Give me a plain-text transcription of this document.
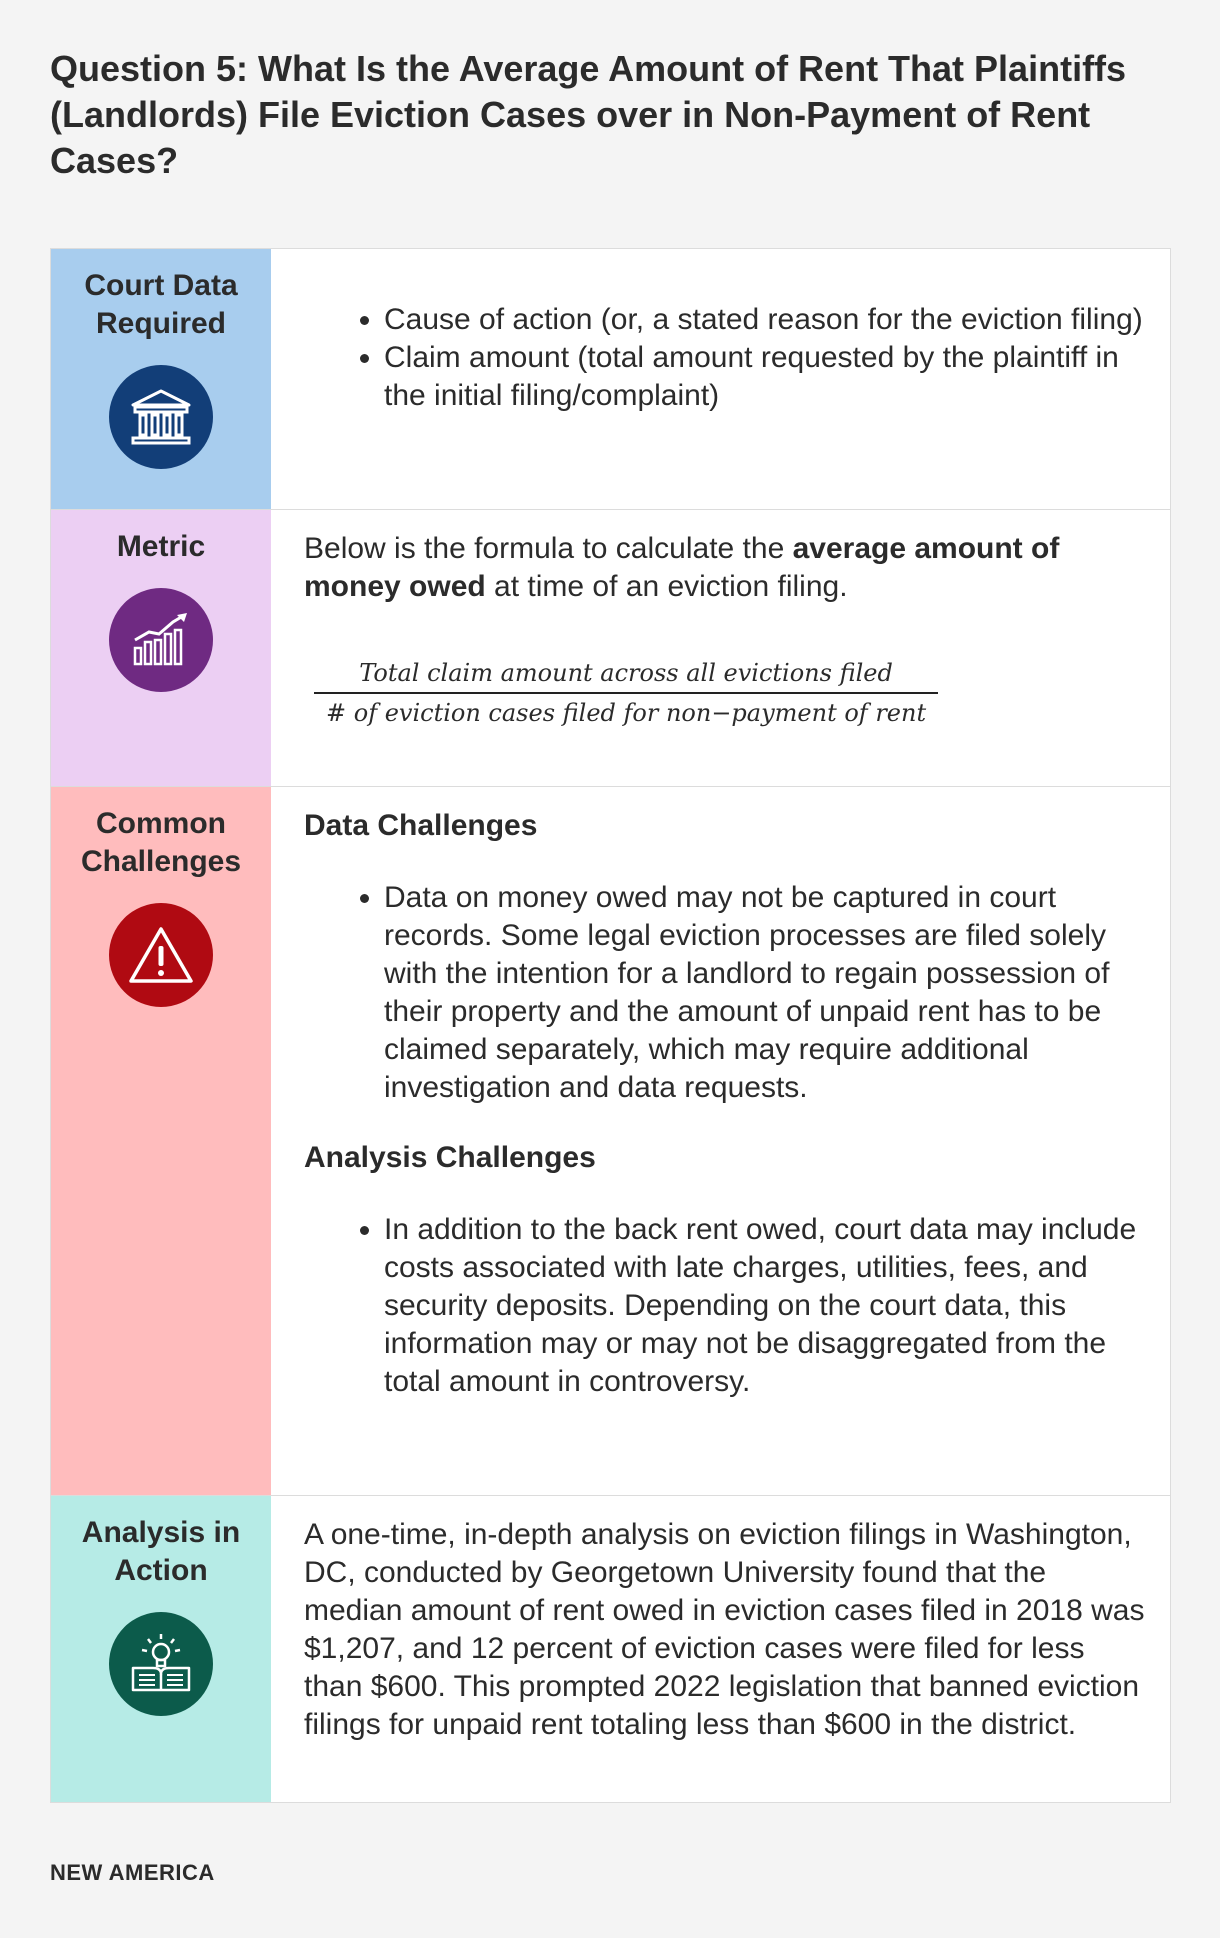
Question 5: What Is the Average Amount of Rent That Plaintiffs (Landlords) File Eviction Cases over in Non-Payment of Rent Cases?
Court Data Required
•	Cause of action (or, a stated reason for the eviction filing)
• Claim amount (total amount requested by the plaintiff in the initial filing/complaint)
Metric	Below is the formula to calculate the average amount of money owed at time of an eviction filing.

$\frac{\text{Total claim amount across all evictions filed}}{\text{\# of eviction cases filed for non−payment of rent}}$
Common Challenges

Data Challenges

• Data on money owed may not be captured in court records. Some legal eviction processes are filed solely with the intention for a landlord to regain possession of their property and the amount of unpaid rent has to be claimed separately, which may require additional investigation and data requests.

Analysis Challenges

• In addition to the back rent owed, court data may include costs associated with late charges, utilities, fees, and security deposits. Depending on the court data, this information may or may not be disaggregated from the total amount in controversy.
Analysis in Action

A one-time, in-depth analysis on eviction filings in Washington, DC, conducted by Georgetown University found that the median amount of rent owed in eviction cases filed in 2018 was $1,207, and 12 percent of eviction cases were filed for less than $600. This prompted 2022 legislation that banned eviction filings for unpaid rent totaling less than $600 in the district.

NEW AMERICA
